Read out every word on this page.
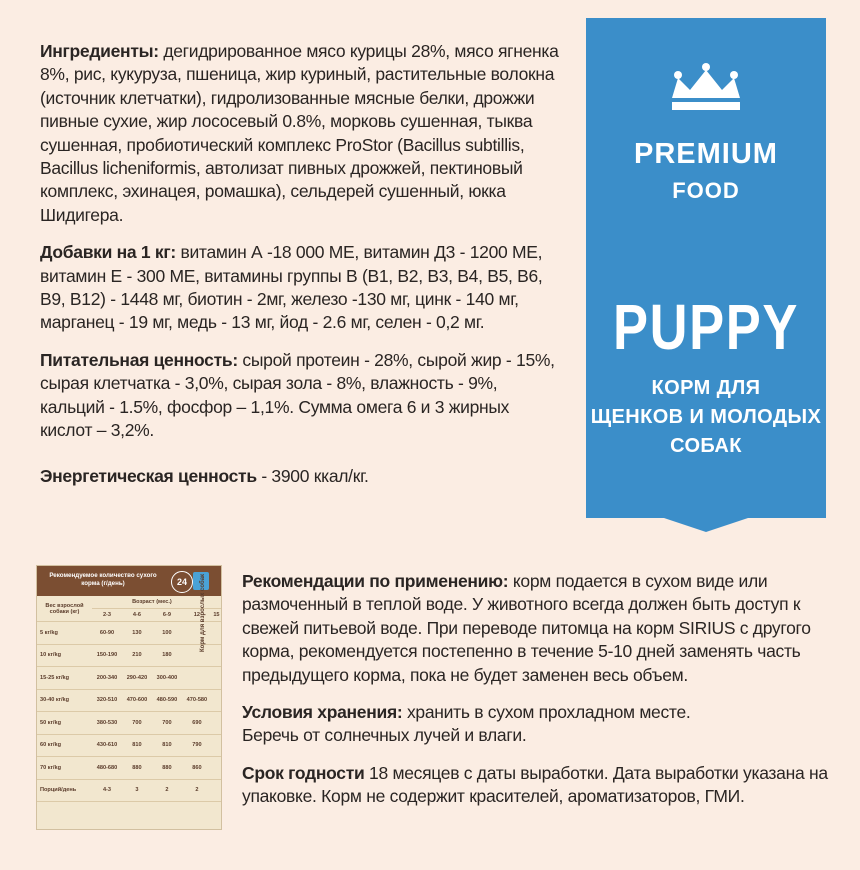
Ингредиенты: дегидрированное мясо курицы 28%, мясо ягненка 8%, рис, кукуруза, пшеница, жир куриный, растительные волокна (источник клетчатки), гидролизованные мясные белки, дрожжи пивные сухие, жир лососевый 0.8%, морковь сушенная, тыква сушенная, пробиотический комплекс ProStor (Bacillus subtillis, Bacillus licheniformis, автолизат пивных дрожжей, пектиновый комплекс, эхинацея, ромашка), сельдерей сушенный, юкка Шидигера.

Добавки на 1 кг: витамин А -18 000 МЕ, витамин Д3 - 1200 МЕ, витамин Е - 300 МЕ, витамины группы В (В1, В2, В3, В4, В5, В6, В9, В12) - 1448 мг, биотин - 2мг, железо -130 мг, цинк - 140 мг, марганец - 19 мг, медь - 13 мг, йод - 2.6 мг, селен - 0,2 мг.

Питательная ценность: сырой протеин - 28%, сырой жир - 15%, сырая клетчатка - 3,0%, сырая зола - 8%, влажность - 9%, кальций - 1.5%, фосфор – 1,1%. Сумма омега 6 и 3 жирных кислот – 3,2%.

Энергетическая ценность - 3900 ккал/кг.

PREMIUM
FOOD
PUPPY
КОРМ ДЛЯ
ЩЕНКОВ И МОЛОДЫХ
СОБАК
Рекомендуемое количество сухого корма (г/день)	24
Вес взрослой собаки (кг)	Возраст (мес.)				
	2-3	4-6	6-9	12	15
5 кг/kg	60-90	130	100		
10 кг/kg	150-190	210	180		
15-25 кг/kg	200-340	290-420	300-400		
30-40 кг/kg	320-510	470-600	480-590	470-580	
50 кг/kg	380-530	700	700	690	
60 кг/kg	430-610	810	810	790	
70 кг/kg	480-680	880	880	860	
Порций/день	4-3	3	2	2	
Корм для взрослых собак Рекомендации по применению: корм подается в сухом виде или размоченный в теплой воде. У животного всегда должен быть доступ к свежей питьевой воде. При переводе питомца на корм SIRIUS с другого корма, рекомендуется постепенно в течение 5-10 дней заменять часть предыдущего корма, пока не будет заменен весь объем.

Условия хранения: хранить в сухом прохладном месте.
Беречь от солнечных лучей и влаги.

Срок годности 18 месяцев с даты выработки. Дата выработки указана на упаковке. Корм не содержит красителей, ароматизаторов, ГМИ.
